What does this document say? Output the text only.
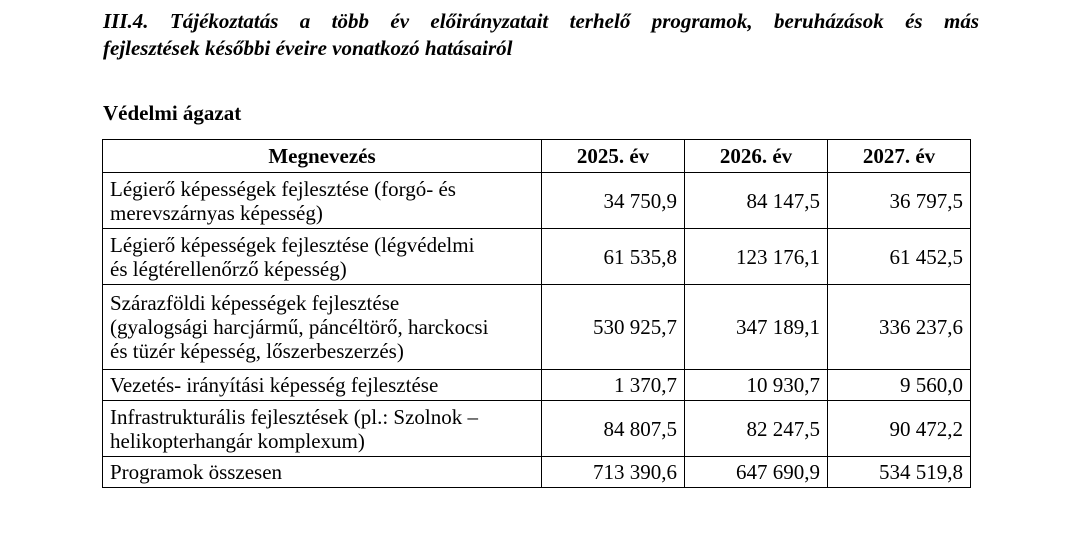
III.4. Tájékoztatás a több év előirányzatait terhelő programok, beruházások és más
fejlesztések későbbi éveire vonatkozó hatásairól
Védelmi ágazat
Megnevezés	2025. év	2026. év	2027. év
Légierő képességek fejlesztése (forgó- és
merevszárnyas képesség)	34 750,9	84 147,5	36 797,5
Légierő képességek fejlesztése (légvédelmi
és légtérellenőrző képesség)	61 535,8	123 176,1	61 452,5
Szárazföldi képességek fejlesztése
(gyalogsági harcjármű, páncéltörő, harckocsi
és tüzér képesség, lőszerbeszerzés)	530 925,7	347 189,1	336 237,6
Vezetés- irányítási képesség fejlesztése	1 370,7	10 930,7	9 560,0
Infrastrukturális fejlesztések (pl.: Szolnok –
helikopterhangár komplexum)	84 807,5	82 247,5	90 472,2
Programok összesen	713 390,6	647 690,9	534 519,8
